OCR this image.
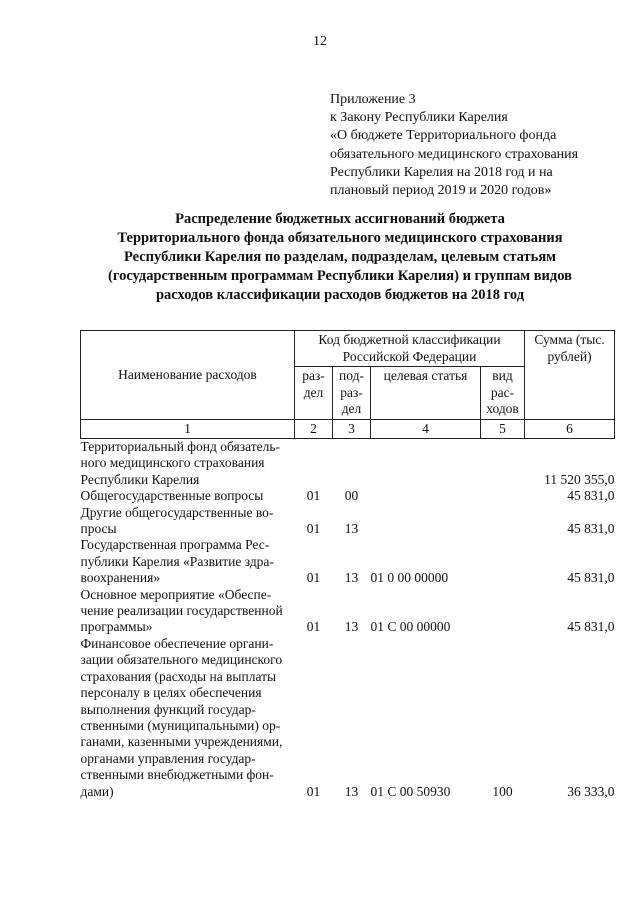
12
Приложение 3
к Закону Республики Карелия
«О бюджете Территориального фонда
обязательного медицинского страхования
Республики Карелия на 2018 год и на
плановый период 2019 и 2020 годов»
Распределение бюджетных ассигнований бюджета
Территориального фонда обязательного медицинского страхования
Республики Карелия по разделам, подразделам, целевым статьям
(государственным программам Республики Карелия) и группам видов
расходов классификации расходов бюджетов на 2018 год
Наименование расходов	Код бюджетной классификации Российской Федерации				Сумма (тыс. рублей)
	раз-дел	под-раз-дел	целевая статья	вид рас-ходов	
1	2	3	4	5	6
Территориальный фонд обязатель-ного медицинского страхования Республики Карелия					11 520 355,0
Общегосударственные вопросы	01	00			45 831,0
Другие общегосударственные во-просы	01	13			45 831,0
Государственная программа Рес-публики Карелия «Развитие здра-воохранения»	01	13	01 0 00 00000		45 831,0
Основное мероприятие «Обеспе-чение реализации государственной программы»	01	13	01 С 00 00000		45 831,0
Финансовое обеспечение органи-зации обязательного медицинского страхования (расходы на выплаты персоналу в целях обеспечения выполнения функций государ-ственными (муниципальными) ор-ганами, казенными учреждениями, органами управления государ-ственными внебюджетными фон-дами)	01	13	01 С 00 50930	100	36 333,0
